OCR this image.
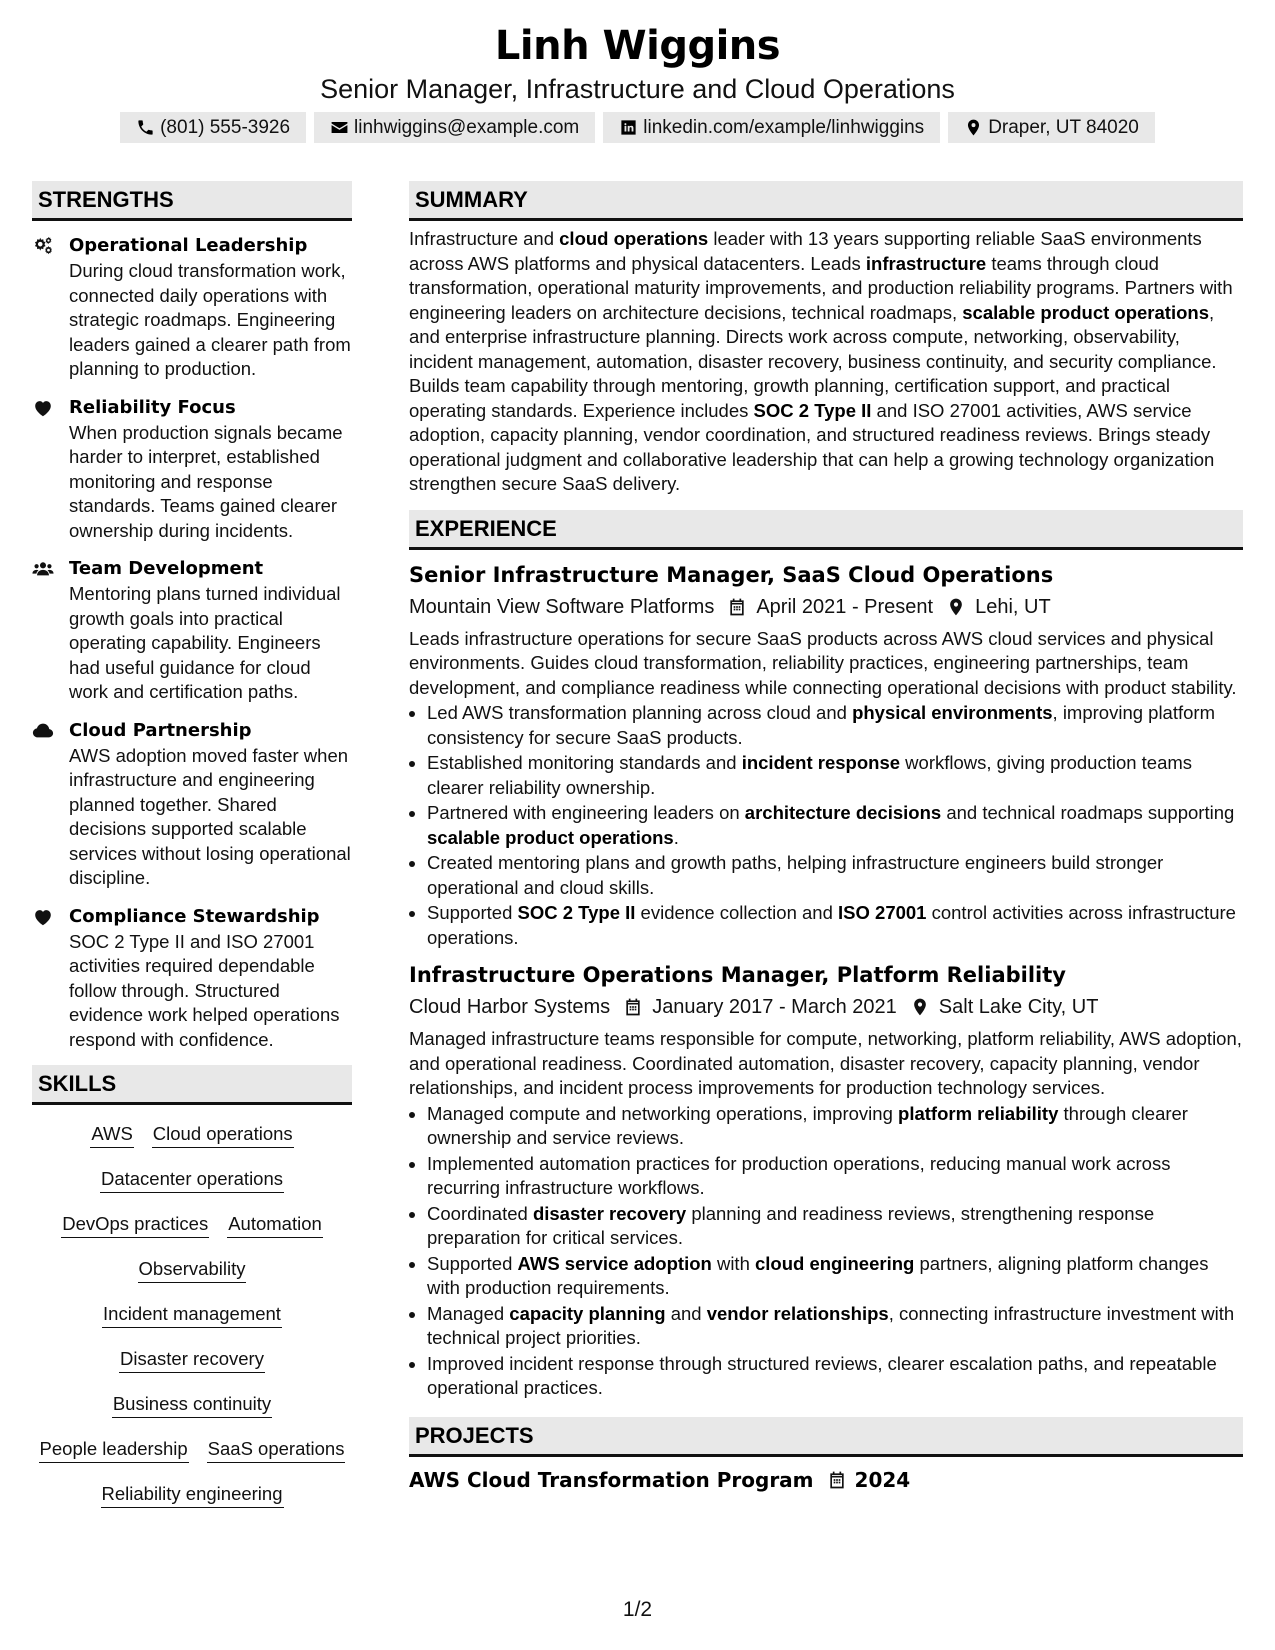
Linh Wiggins
Senior Manager, Infrastructure and Cloud Operations
(801) 555-3926	linhwiggins@example.com	linkedin.com/example/linhwiggins	Draper, UT 84020
STRENGTHS
Operational Leadership
During cloud transformation work, connected daily operations with strategic roadmaps. Engineering leaders gained a clearer path from planning to production.
Reliability Focus
When production signals became harder to interpret, established monitoring and response standards. Teams gained clearer ownership during incidents.
Team Development
Mentoring plans turned individual growth goals into practical operating capability. Engineers had useful guidance for cloud work and certification paths.
Cloud Partnership
AWS adoption moved faster when infrastructure and engineering planned together. Shared decisions supported scalable services without losing operational discipline.
Compliance Stewardship
SOC 2 Type II and ISO 27001 activities required dependable follow through. Structured evidence work helped operations respond with confidence.
SKILLS
AWS Cloud operations
Datacenter operations
DevOps practices Automation
Observability
Incident management
Disaster recovery
Business continuity
People leadership SaaS operations
Reliability engineering
SUMMARY
Infrastructure and cloud operations leader with 13 years supporting reliable SaaS environments across AWS platforms and physical datacenters. Leads infrastructure teams through cloud transformation, operational maturity improvements, and production reliability programs. Partners with engineering leaders on architecture decisions, technical roadmaps, scalable product operations, and enterprise infrastructure planning. Directs work across compute, networking, observability, incident management, automation, disaster recovery, business continuity, and security compliance. Builds team capability through mentoring, growth planning, certification support, and practical operating standards. Experience includes SOC 2 Type II and ISO 27001 activities, AWS service adoption, capacity planning, vendor coordination, and structured readiness reviews. Brings steady operational judgment and collaborative leadership that can help a growing technology organization strengthen secure SaaS delivery.
EXPERIENCE
Senior Infrastructure Manager, SaaS Cloud Operations
Mountain View Software Platforms April 2021 - Present Lehi, UT
Leads infrastructure operations for secure SaaS products across AWS cloud services and physical environments. Guides cloud transformation, reliability practices, engineering partnerships, team development, and compliance readiness while connecting operational decisions with product stability.
• Led AWS transformation planning across cloud and physical environments, improving platform consistency for secure SaaS products.
• Established monitoring standards and incident response workflows, giving production teams clearer reliability ownership.
• Partnered with engineering leaders on architecture decisions and technical roadmaps supporting scalable product operations.
• Created mentoring plans and growth paths, helping infrastructure engineers build stronger operational and cloud skills.
• Supported SOC 2 Type II evidence collection and ISO 27001 control activities across infrastructure operations.
Infrastructure Operations Manager, Platform Reliability
Cloud Harbor Systems January 2017 - March 2021 Salt Lake City, UT
Managed infrastructure teams responsible for compute, networking, platform reliability, AWS adoption, and operational readiness. Coordinated automation, disaster recovery, capacity planning, vendor relationships, and incident process improvements for production technology services.
• Managed compute and networking operations, improving platform reliability through clearer ownership and service reviews.
• Implemented automation practices for production operations, reducing manual work across recurring infrastructure workflows.
• Coordinated disaster recovery planning and readiness reviews, strengthening response preparation for critical services.
• Supported AWS service adoption with cloud engineering partners, aligning platform changes with production requirements.
• Managed capacity planning and vendor relationships, connecting infrastructure investment with technical project priorities.
• Improved incident response through structured reviews, clearer escalation paths, and repeatable operational practices.
PROJECTS
AWS Cloud Transformation Program 2024
1/2
